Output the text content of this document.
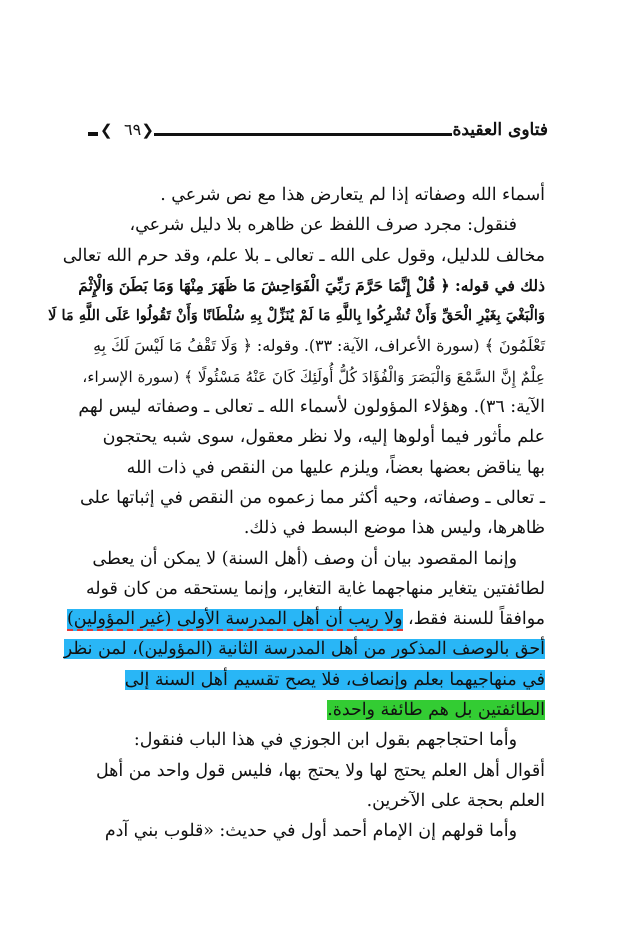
❮ ٦٩ ❯	فتاوى العقيدة
أسماء الله وصفاته إذا لم يتعارض هذا مع نص شرعي .
فنقول: مجرد صرف اللفظ عن ظاهره بلا دليل شرعي،
مخالف للدليل، وقول على الله ـ تعالى ـ بلا علم، وقد حرم الله تعالى
ذلك في قوله: ﴿ قُلْ إِنَّمَا حَرَّمَ رَبِّيَ الْفَوَاحِشَ مَا ظَهَرَ مِنْهَا وَمَا بَطَنَ وَالْإِثْمَ
وَالْبَغْيَ بِغَيْرِ الْحَقِّ وَأَنْ تُشْرِكُوا بِاللَّهِ مَا لَمْ يُنَزِّلْ بِهِ سُلْطَانًا وَأَنْ تَقُولُوا عَلَى اللَّهِ مَا لَا
تَعْلَمُونَ ﴾ (سورة الأعراف، الآية: ٣٣). وقوله: ﴿ وَلَا تَقْفُ مَا لَيْسَ لَكَ بِهِ
عِلْمٌ إِنَّ السَّمْعَ وَالْبَصَرَ وَالْفُؤَادَ كُلُّ أُولَئِكَ كَانَ عَنْهُ مَسْئُولًا ﴾ (سورة الإسراء،
الآية: ٣٦). وهؤلاء المؤولون لأسماء الله ـ تعالى ـ وصفاته ليس لهم
علم مأثور فيما أولوها إليه، ولا نظر معقول، سوى شبه يحتجون
بها يناقض بعضها بعضاً، ويلزم عليها من النقص في ذات الله
ـ تعالى ـ وصفاته، وحيه أكثر مما زعموه من النقص في إثباتها على
ظاهرها، وليس هذا موضع البسط في ذلك.
وإنما المقصود بيان أن وصف (أهل السنة) لا يمكن أن يعطى
لطائفتين يتغاير منهاجهما غاية التغاير، وإنما يستحقه من كان قوله
موافقاً للسنة فقط، ولا ريب أن أهل المدرسة الأولى (غير المؤولين)
أحق بالوصف المذكور من أهل المدرسة الثانية (المؤولين)، لمن نظر
في منهاجيهما بعلم وإنصاف، فلا يصح تقسيم أهل السنة إلى
الطائفتين بل هم طائفة واحدة.
وأما احتجاجهم بقول ابن الجوزي في هذا الباب فنقول:
أقوال أهل العلم يحتج لها ولا يحتج بها، فليس قول واحد من أهل
العلم بحجة على الآخرين.
وأما قولهم إن الإمام أحمد أول في حديث: «قلوب بني آدم
